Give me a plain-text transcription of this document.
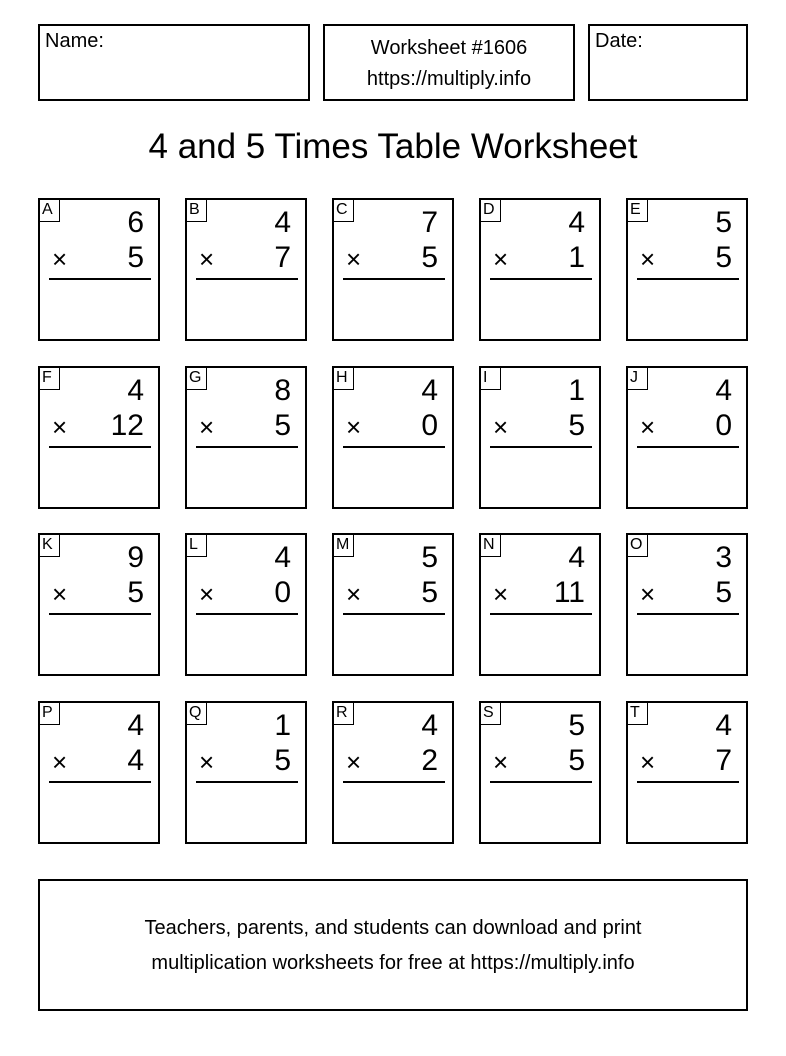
Name:	Worksheet #1606
https://multiply.info
Date:
4 and 5 Times Table Worksheet
A 6
× 5
B 4
× 7
C 7
× 5
D 4
× 1
E 5
× 5
F	4
× 12
G 8
× 5
H 4
× 0
I	1
× 5
J	4
× 0
K 9
× 5
L	4
× 0
M 5
× 5
N 4
× 11
O 3
× 5
P 4
× 4
Q 1
× 5
R 4
× 2
S 5
× 5
T	4
× 7
Teachers, parents, and students can download and print
multiplication worksheets for free at https://multiply.info
